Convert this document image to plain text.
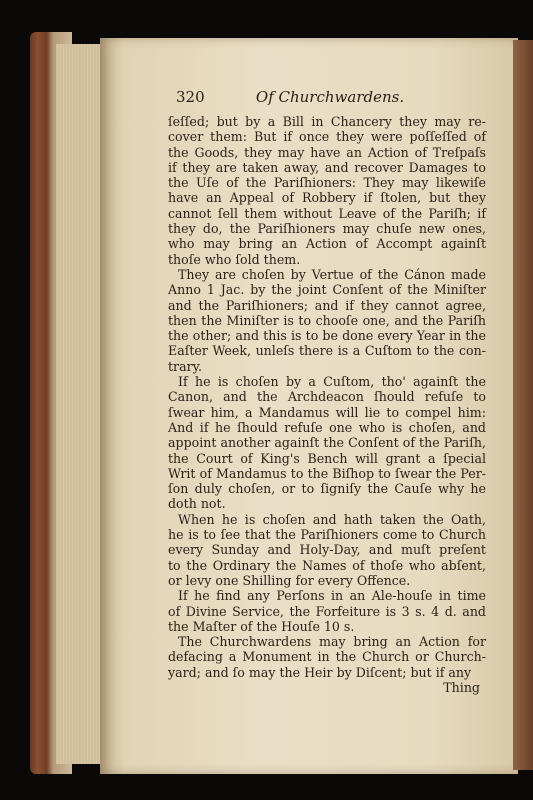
320	Of Churchwardens.
ſeſſed; but by a Bill in Chancery they may re-
cover them: But if once they were poſſeſſed of
the Goods, they may have an Action of Treſpaſs
if they are taken away, and recover Damages to
the Uſe of the Pariſhioners: They may likewiſe
have an Appeal of Robbery if ſtolen, but they
cannot ſell them without Leave of the Pariſh; if
they do, the Pariſhioners may chuſe new ones,
who may bring an Action of Accompt againſt
thoſe who ſold them.
They are choſen by Vertue of the Cánon made
Anno 1 Jac. by the joint Conſent of the Miniſter
and the Pariſhioners; and if they cannot agree,
then the Miniſter is to chooſe one, and the Pariſh
the other; and this is to be done every Year in the
Eaſter Week, unleſs there is a Cuſtom to the con-
trary.
If he is choſen by a Cuſtom, tho' againſt the
Canon, and the Archdeacon ſhould refuſe to
ſwear him, a Mandamus will lie to compel him:
And if he ſhould refuſe one who is choſen, and
appoint another againſt the Conſent of the Pariſh,
the Court of King's Bench will grant a ſpecial
Writ of Mandamus to the Biſhop to ſwear the Per-
ſon duly choſen, or to ſigniſy the Cauſe why he
doth not.
When he is choſen and hath taken the Oath,
he is to ſee that the Pariſhioners come to Church
every Sunday and Holy-Day, and muſt preſent
to the Ordinary the Names of thoſe who abſent,
or levy one Shilling for every Offence.
If he find any Perſons in an Ale-houſe in time
of Divine Service, the Forfeiture is 3 s. 4 d. and
the Maſter of the Houſe 10 s.
The Churchwardens may bring an Action for
defacing a Monument in the Church or Church-
yard; and ſo may the Heir by Diſcent; but if any
Thing
